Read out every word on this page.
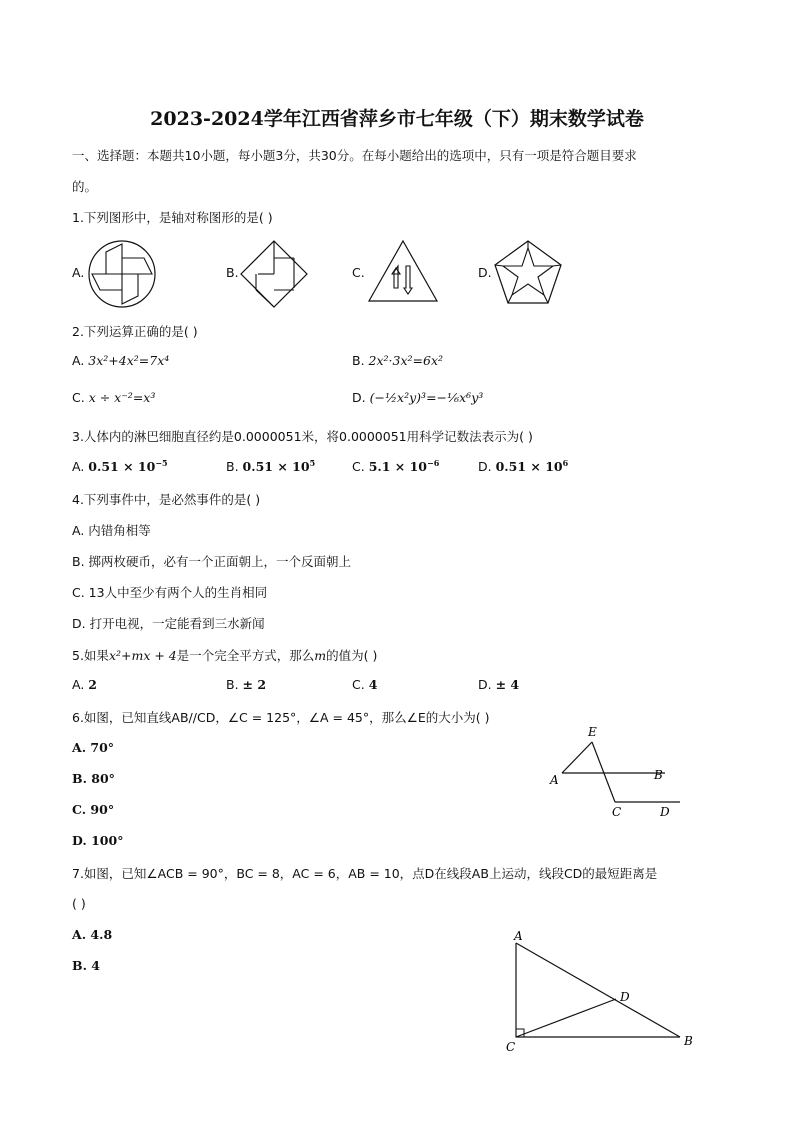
2023-2024学年江西省萍乡市七年级（下）期末数学试卷
一、选择题：本题共10小题，每小题3分，共30分。在每小题给出的选项中，只有一项是符合题目要求
的。
1.下列图形中，是轴对称图形的是( )
A.	B.	C.	D.
2.下列运算正确的是( )
A. 3x²+4x²=7x⁴	B. 2x²·3x²=6x²
C. x ÷ x⁻²=x³	D. (−½x²y)³=−⅙x⁶y³
3.人体内的淋巴细胞直径约是0.0000051米，将0.0000051用科学记数法表示为( )
A. $0.51 \times 10^{-5}$	B. $0.51 \times 10^5$	C. $5.1 \times 10^{-6}$	D. $0.51 \times 10^6$
4.下列事件中，是必然事件的是( )
A. 内错角相等
B. 掷两枚硬币，必有一个正面朝上，一个反面朝上
C. 13人中至少有两个人的生肖相同
D. 打开电视，一定能看到三水新闻
5.如果x²+mx + 4是一个完全平方式，那么m的值为( )
A. 2	B. ± 2	C. 4	D. ± 4
6.如图，已知直线AB//CD，∠C = 125°，∠A = 45°，那么∠E的大小为( )
A. 70°
B. 80°
C. 90°
D. 100°
E
A	B
C	D
7.如图，已知∠ACB = 90°，BC = 8，AC = 6，AB = 10，点D在线段AB上运动，线段CD的最短距离是
( )
A. 4.8
B. 4
A
B
C
D
